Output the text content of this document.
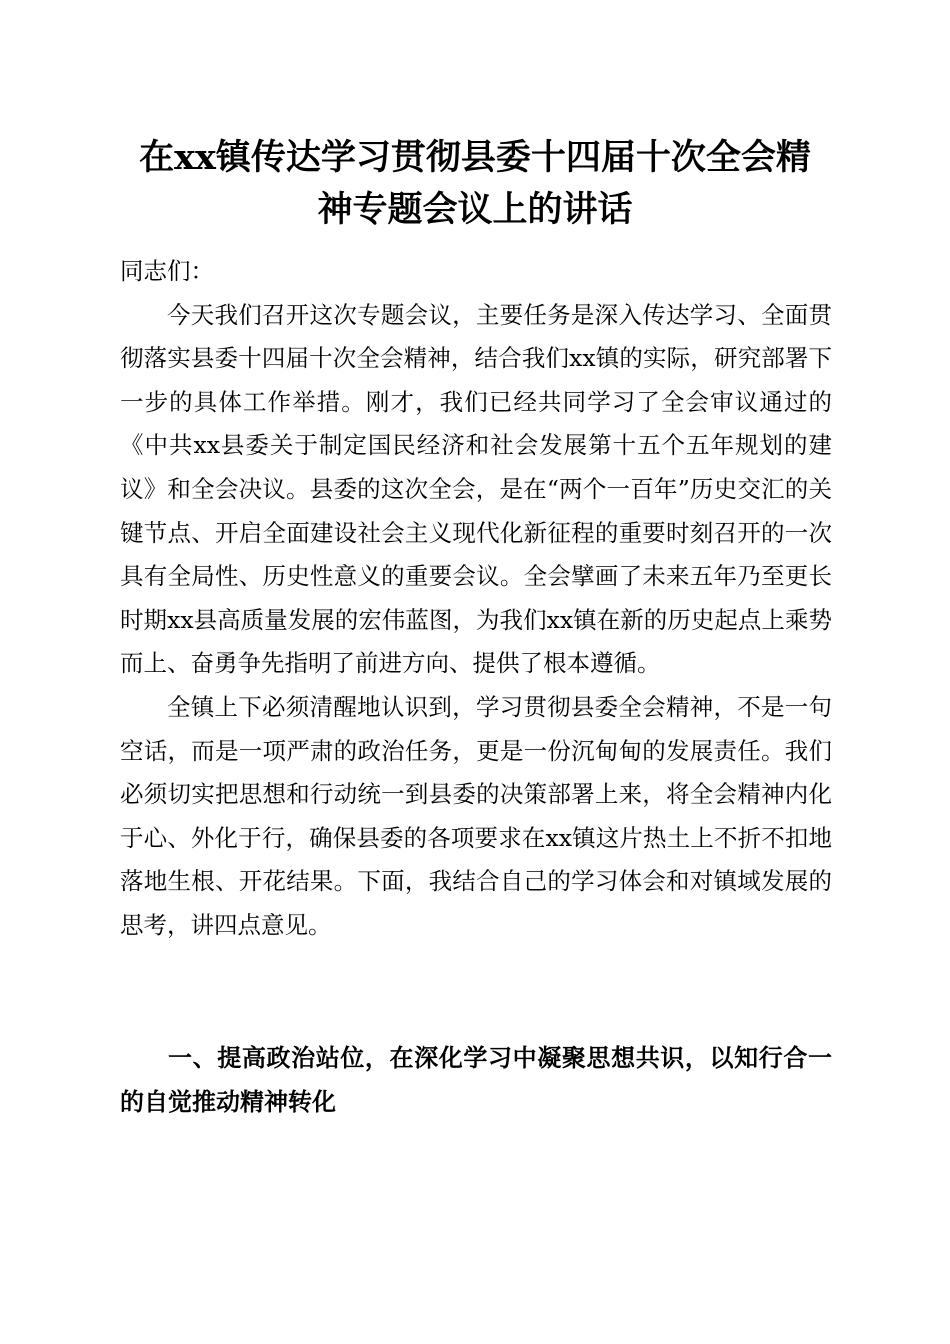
在xx镇传达学习贯彻县委十四届十次全会精
神专题会议上的讲话

同志们：

今天我们召开这次专题会议，主要任务是深入传达学习、全面贯彻落实县委十四届十次全会精神，结合我们xx镇的实际，研究部署下一步的具体工作举措。刚才，我们已经共同学习了全会审议通过的《中共xx县委关于制定国民经济和社会发展第十五个五年规划的建议》和全会决议。县委的这次全会，是在“两个一百年”历史交汇的关键节点、开启全面建设社会主义现代化新征程的重要时刻召开的一次具有全局性、历史性意义的重要会议。全会擘画了未来五年乃至更长时期xx县高质量发展的宏伟蓝图，为我们xx镇在新的历史起点上乘势而上、奋勇争先指明了前进方向、提供了根本遵循。

全镇上下必须清醒地认识到，学习贯彻县委全会精神，不是一句空话，而是一项严肃的政治任务，更是一份沉甸甸的发展责任。我们必须切实把思想和行动统一到县委的决策部署上来，将全会精神内化于心、外化于行，确保县委的各项要求在xx镇这片热土上不折不扣地落地生根、开花结果。下面，我结合自己的学习体会和对镇域发展的思考，讲四点意见。

一、提高政治站位，在深化学习中凝聚思想共识，以知行合一的自觉推动精神转化
